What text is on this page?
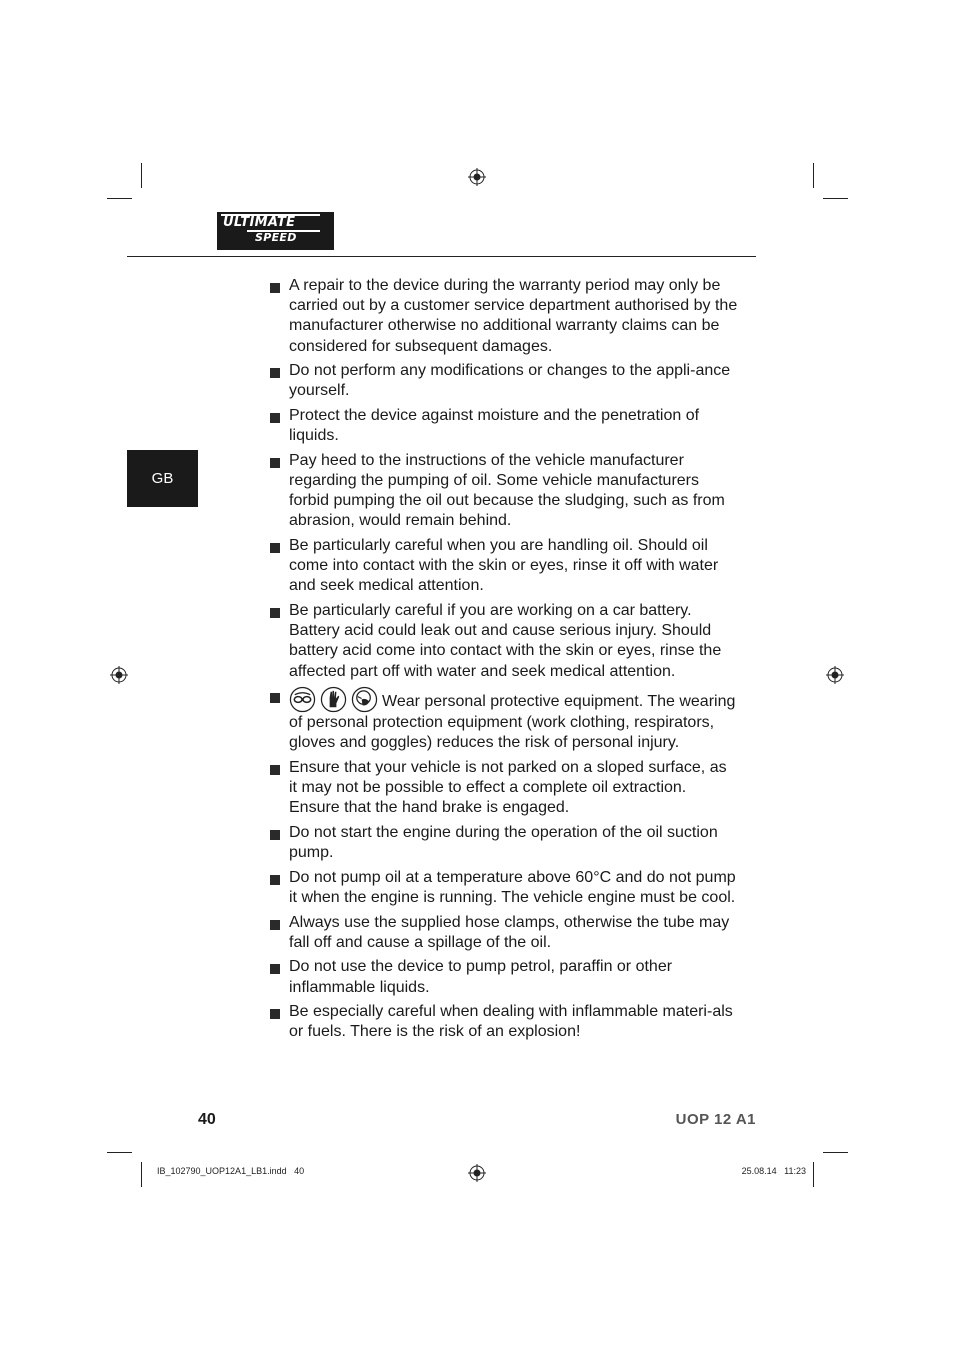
ULTIMATE
SPEED
GB
A repair to the device during the warranty period may only be carried out by a customer service department authorised by the manufacturer otherwise no additional warranty claims can be considered for subsequent damages.
Do not perform any modifications or changes to the appli-ance yourself.
Protect the device against moisture and the penetration of liquids.
Pay heed to the instructions of the vehicle manufacturer regarding the pumping of oil. Some vehicle manufacturers forbid pumping the oil out because the sludging, such as from abrasion, would remain behind.
Be particularly careful when you are handling oil. Should oil come into contact with the skin or eyes, rinse it off with water and seek medical attention.
Be particularly careful if you are working on a car battery. Battery acid could leak out and cause serious injury. Should battery acid come into contact with the skin or eyes, rinse the affected part off with water and seek medical attention.
Wear personal protective equipment. The wearing of personal protection equipment (work clothing, respirators, gloves and goggles) reduces the risk of personal injury.
Ensure that your vehicle is not parked on a sloped surface, as it may not be possible to effect a complete oil extraction. Ensure that the hand brake is engaged.
Do not start the engine during the operation of the oil suction pump.
Do not pump oil at a temperature above 60°C and do not pump it when the engine is running. The vehicle engine must be cool.
Always use the supplied hose clamps, otherwise the tube may fall off and cause a spillage of the oil.
Do not use the device to pump petrol, paraffin or other inflammable liquids.
Be especially careful when dealing with inflammable materi-als or fuels. There is the risk of an explosion!
40	UOP 12 A1
IB_102790_UOP12A1_LB1.indd   40	25.08.14   11:23
